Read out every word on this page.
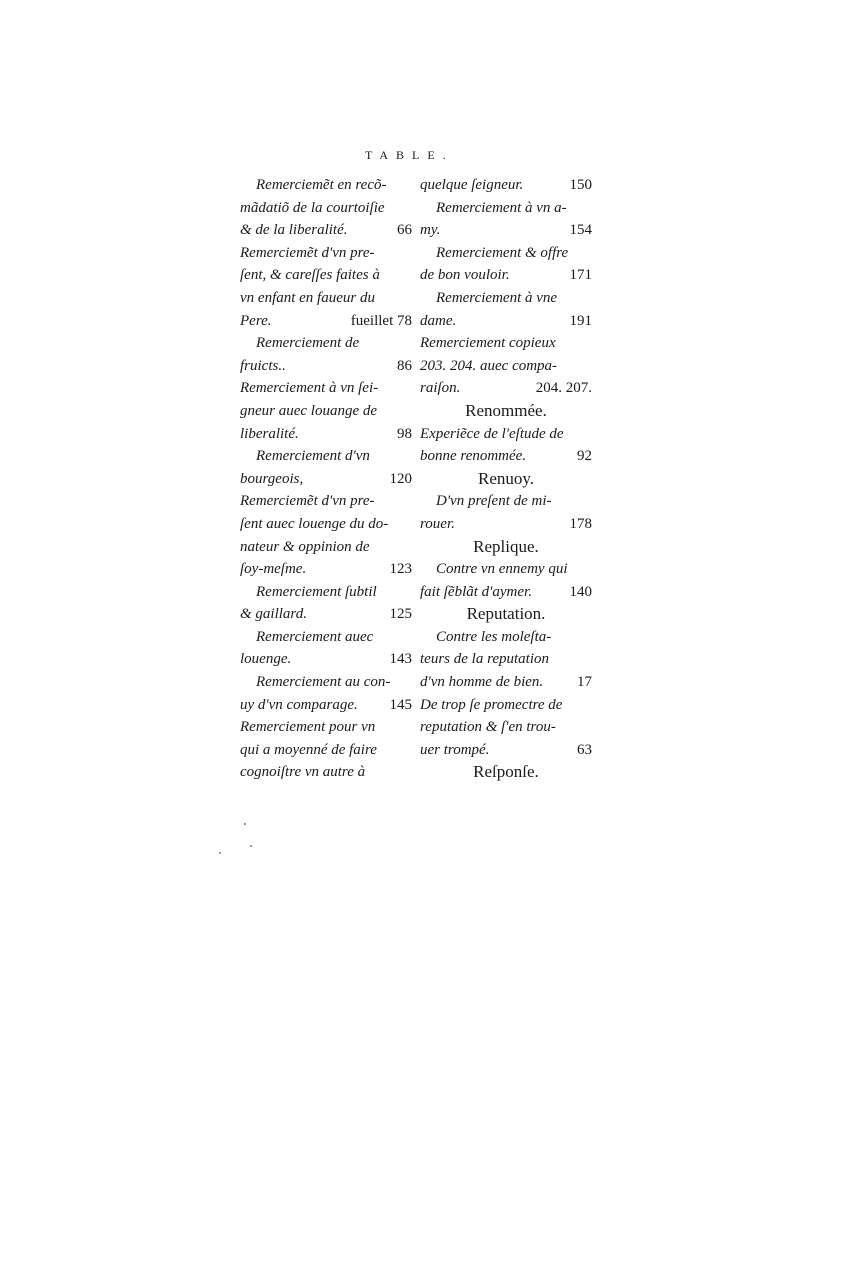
TABLE.
Remerciemẽt en recõ-
mãdatiõ de la courtoiſie
& de la liberalité.	66
Remerciemẽt d'vn pre-
ſent, & careſſes faites à
vn enfant en faueur du
Pere.	fueillet 78
Remerciement de
fruicts..	86
Remerciement à vn ſei-
gneur auec louange de
liberalité.	98
Remerciement d'vn
bourgeois,	120
Remerciemẽt d'vn pre-
ſent auec louenge du do-
nateur & oppinion de
ſoy-meſme.	123
Remerciement ſubtil
& gaillard.	125
Remerciement auec
louenge.	143
Remerciement au con-
uy d'vn comparage.	145
Remerciement pour vn
qui a moyenné de faire
cognoiſtre vn autre à
quelque ſeigneur.	150
Remerciement à vn a-
my.	154
Remerciement & offre
de bon vouloir.	171
Remerciement à vne
dame.	191
Remerciement copieux
203. 204. auec compa-
raiſon.	204. 207.
Renommée.
Experiẽce de l'eſtude de
bonne renommée.	92
Renuoy.
D'vn preſent de mi-
rouer.	178
Replique.
Contre vn ennemy qui
fait ſẽblãt d'aymer.	140
Reputation.
Contre les moleſta-
teurs de la reputation
d'vn homme de bien.	17
De trop ſe promectre de
reputation & ſ'en trou-
uer trompé.	63
Reſponſe.
